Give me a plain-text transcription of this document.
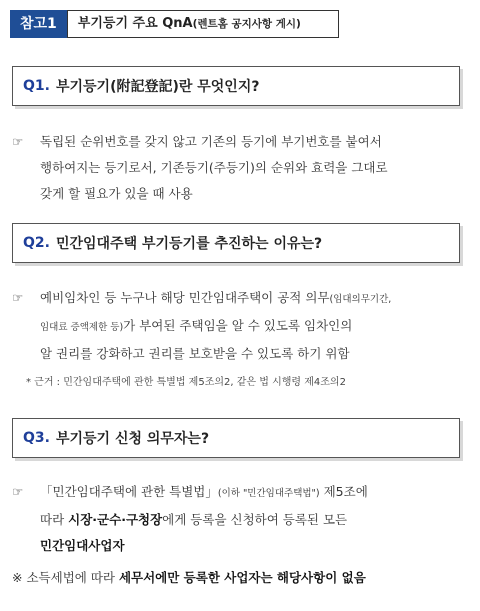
참고1	부기등기 주요 QnA(렌트홈 공지사항 게시)
Q1. 부기등기(附記登記)란 무엇인지?
☞ 독립된 순위번호를 갖지 않고 기존의 등기에 부기번호를 붙여서
행하여지는 등기로서, 기존등기(주등기)의 순위와 효력을 그대로
갖게 할 필요가 있을 때 사용
Q2. 민간임대주택 부기등기를 추진하는 이유는?
☞ 예비임차인 등 누구나 해당 민간임대주택이 공적 의무(임대의무기간,
임대료 증액제한 등)가 부여된 주택임을 알 수 있도록 임차인의
알 권리를 강화하고 권리를 보호받을 수 있도록 하기 위함
* 근거 : 민간임대주택에 관한 특별법 제5조의2, 같은 법 시행령 제4조의2
Q3. 부기등기 신청 의무자는?
☞ 「민간임대주택에 관한 특별법」(이하 "민간임대주택법") 제5조에
따라 시장·군수·구청장에게 등록을 신청하여 등록된 모든
민간임대사업자
※ 소득세법에 따라 세무서에만 등록한 사업자는 해당사항이 없음
